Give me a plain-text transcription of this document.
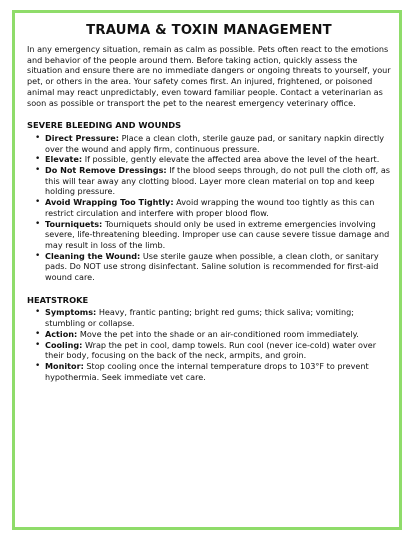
TRAUMA & TOXIN MANAGEMENT

In any emergency situation, remain as calm as possible. Pets often react to the emotions and behavior of the people around them. Before taking action, quickly assess the situation and ensure there are no immediate dangers or ongoing threats to yourself, your pet, or others in the area. Your safety comes first. An injured, frightened, or poisoned animal may react unpredictably, even toward familiar people. Contact a veterinarian as soon as possible or transport the pet to the nearest emergency veterinary office.

SEVERE BLEEDING AND WOUNDS
• Direct Pressure: Place a clean cloth, sterile gauze pad, or sanitary napkin directly over the wound and apply firm, continuous pressure.
• Elevate: If possible, gently elevate the affected area above the level of the heart.
• Do Not Remove Dressings: If the blood seeps through, do not pull the cloth off, as this will tear away any clotting blood. Layer more clean material on top and keep holding pressure.
• Avoid Wrapping Too Tightly: Avoid wrapping the wound too tightly as this can restrict circulation and interfere with proper blood flow.
• Tourniquets: Tourniquets should only be used in extreme emergencies involving severe, life-threatening bleeding. Improper use can cause severe tissue damage and may result in loss of the limb.
• Cleaning the Wound: Use sterile gauze when possible, a clean cloth, or sanitary pads. Do NOT use strong disinfectant. Saline solution is recommended for first-aid wound care.
HEATSTROKE
• Symptoms: Heavy, frantic panting; bright red gums; thick saliva; vomiting; stumbling or collapse.
• Action: Move the pet into the shade or an air-conditioned room immediately.
• Cooling: Wrap the pet in cool, damp towels. Run cool (never ice-cold) water over their body, focusing on the back of the neck, armpits, and groin.
• Monitor: Stop cooling once the internal temperature drops to 103°F to prevent hypothermia. Seek immediate vet care.
